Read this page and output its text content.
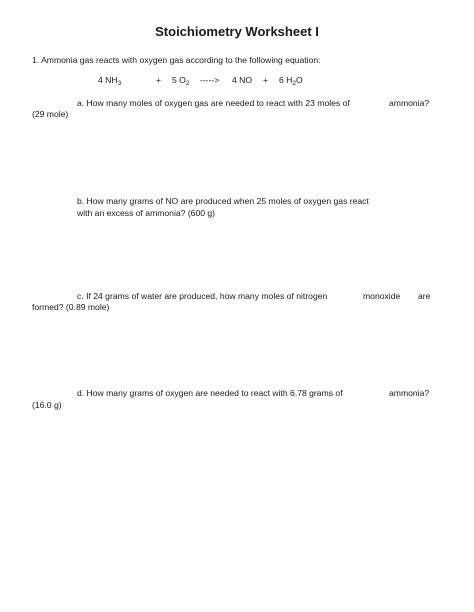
Stoichiometry Worksheet I
1. Ammonia gas reacts with oxygen gas according to the following equation:
4 $NH_3$	+ 5 $O_2$ -----> 4 NO + 6 $H_2O$
a. How many moles of oxygen gas are needed to react with 23 moles of	ammonia?
(29 mole)
b. How many grams of NO are produced when 25 moles of oxygen gas react
with an excess of ammonia? (600 g)
c. If 24 grams of water are produced, how many moles of nitrogen	monoxide are
formed? (0.89 mole)
d. How many grams of oxygen are needed to react with 6.78 grams of	ammonia?
(16.0 g)
